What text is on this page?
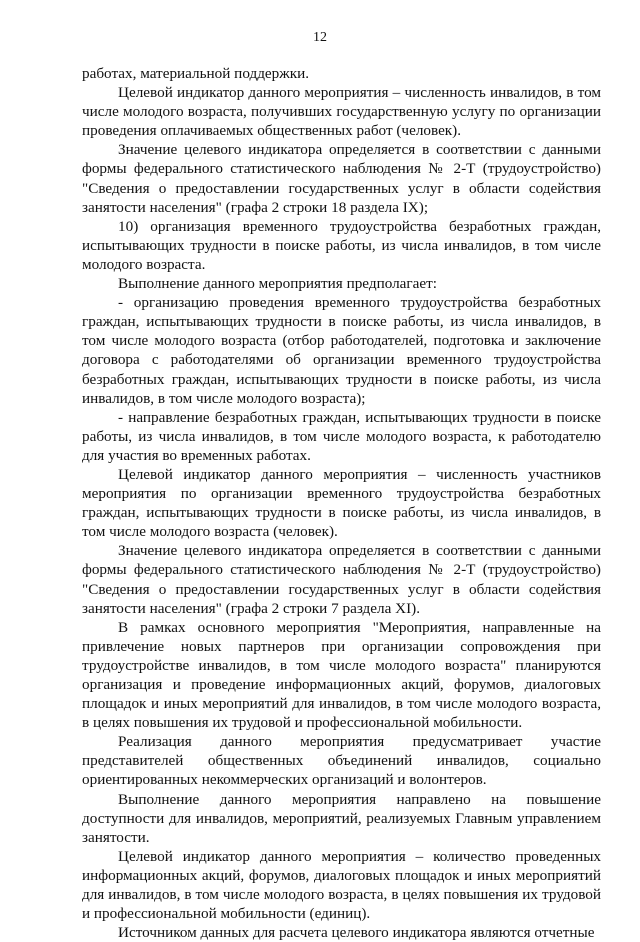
12

работах, материальной поддержки.

Целевой индикатор данного мероприятия – численность инвалидов, в том числе молодого возраста, получивших государственную услугу по организации проведения оплачиваемых общественных работ (человек).

Значение целевого индикатора определяется в соответствии с данными формы федерального статистического наблюдения № 2-Т (трудоустройство) "Сведения о предоставлении государственных услуг в области содействия занятости населения" (графа 2 строки 18 раздела IX);

10) организация временного трудоустройства безработных граждан, испытывающих трудности в поиске работы, из числа инвалидов, в том числе молодого возраста.

Выполнение данного мероприятия предполагает:

- организацию проведения временного трудоустройства безработных граждан, испытывающих трудности в поиске работы, из числа инвалидов, в том числе молодого возраста (отбор работодателей, подготовка и заключение договора с работодателями об организации временного трудоустройства безработных граждан, испытывающих трудности в поиске работы, из числа инвалидов, в том числе молодого возраста);

- направление безработных граждан, испытывающих трудности в поиске работы, из числа инвалидов, в том числе молодого возраста, к работодателю для участия во временных работах.

Целевой индикатор данного мероприятия – численность участников мероприятия по организации временного трудоустройства безработных граждан, испытывающих трудности в поиске работы, из числа инвалидов, в том числе молодого возраста (человек).

Значение целевого индикатора определяется в соответствии с данными формы федерального статистического наблюдения № 2-Т (трудоустройство) "Сведения о предоставлении государственных услуг в области содействия занятости населения" (графа 2 строки 7 раздела XI).

В рамках основного мероприятия "Мероприятия, направленные на привлечение новых партнеров при организации сопровождения при трудоустройстве инвалидов, в том числе молодого возраста" планируются организация и проведение информационных акций, форумов, диалоговых площадок и иных мероприятий для инвалидов, в том числе молодого возраста, в целях повышения их трудовой и профессиональной мобильности.

Реализация данного мероприятия предусматривает участие представителей общественных объединений инвалидов, социально ориентированных некоммерческих организаций и волонтеров.

Выполнение данного мероприятия направлено на повышение доступности для инвалидов, мероприятий, реализуемых Главным управлением занятости.

Целевой индикатор данного мероприятия – количество проведенных информационных акций, форумов, диалоговых площадок и иных мероприятий для инвалидов, в том числе молодого возраста, в целях повышения их трудовой и профессиональной мобильности (единиц).

Источником данных для расчета целевого индикатора являются отчетные
